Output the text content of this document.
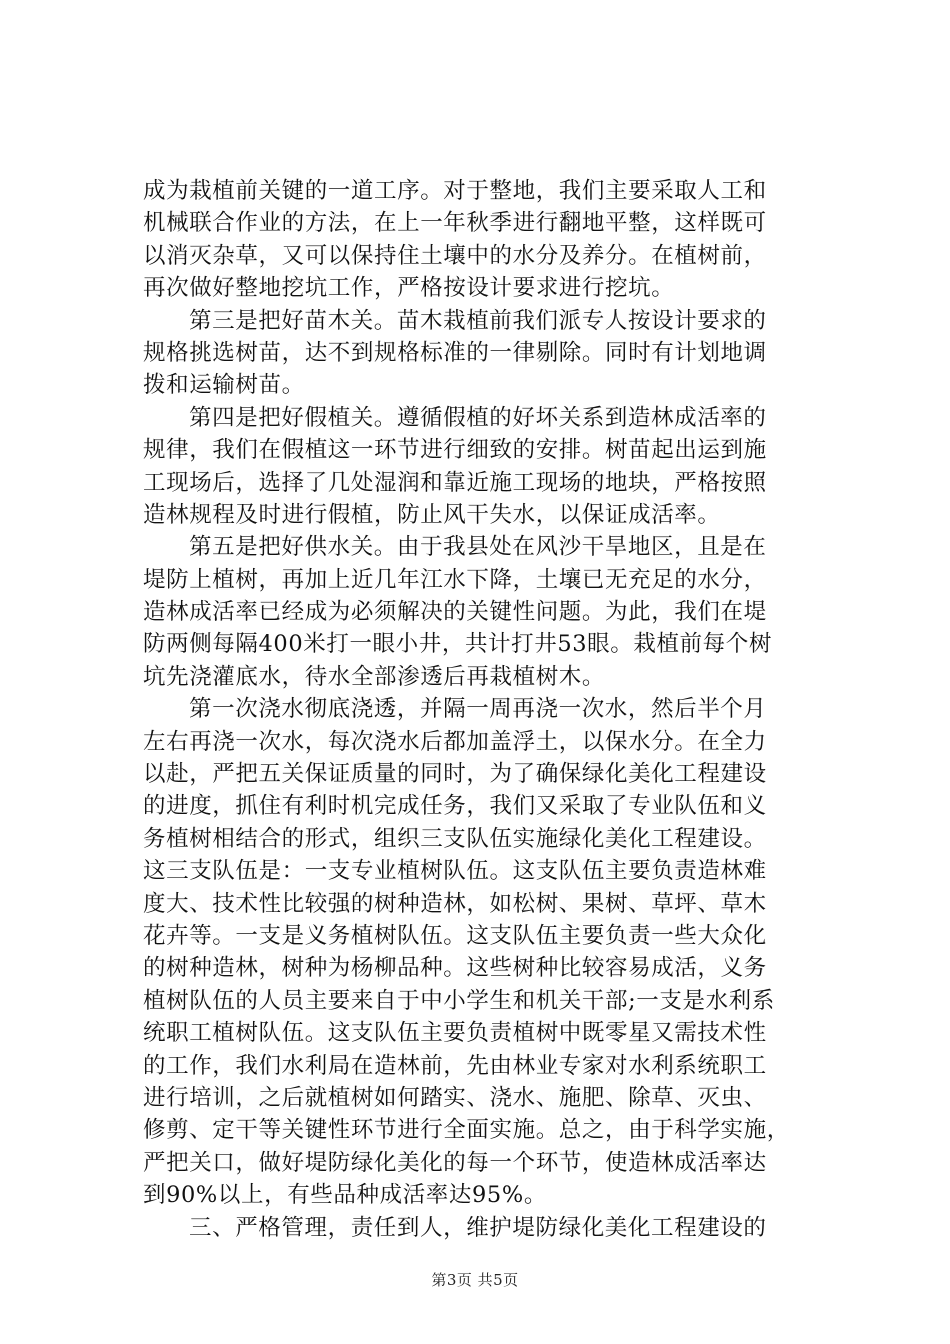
成为栽植前关键的一道工序。对于整地，我们主要采取人工和
机械联合作业的方法，在上一年秋季进行翻地平整，这样既可
以消灭杂草，又可以保持住土壤中的水分及养分。在植树前，
再次做好整地挖坑工作，严格按设计要求进行挖坑。
第三是把好苗木关。苗木栽植前我们派专人按设计要求的
规格挑选树苗，达不到规格标准的一律剔除。同时有计划地调
拨和运输树苗。
第四是把好假植关。遵循假植的好坏关系到造林成活率的
规律，我们在假植这一环节进行细致的安排。树苗起出运到施
工现场后，选择了几处湿润和靠近施工现场的地块，严格按照
造林规程及时进行假植，防止风干失水，以保证成活率。
第五是把好供水关。由于我县处在风沙干旱地区，且是在
堤防上植树，再加上近几年江水下降，土壤已无充足的水分，
造林成活率已经成为必须解决的关键性问题。为此，我们在堤
防两侧每隔400米打一眼小井，共计打井53眼。栽植前每个树
坑先浇灌底水，待水全部渗透后再栽植树木。
第一次浇水彻底浇透，并隔一周再浇一次水，然后半个月
左右再浇一次水，每次浇水后都加盖浮土，以保水分。在全力
以赴，严把五关保证质量的同时，为了确保绿化美化工程建设
的进度，抓住有利时机完成任务，我们又采取了专业队伍和义
务植树相结合的形式，组织三支队伍实施绿化美化工程建设。
这三支队伍是：一支专业植树队伍。这支队伍主要负责造林难
度大、技术性比较强的树种造林，如松树、果树、草坪、草木
花卉等。一支是义务植树队伍。这支队伍主要负责一些大众化
的树种造林，树种为杨柳品种。这些树种比较容易成活，义务
植树队伍的人员主要来自于中小学生和机关干部;一支是水利系
统职工植树队伍。这支队伍主要负责植树中既零星又需技术性
的工作，我们水利局在造林前，先由林业专家对水利系统职工
进行培训，之后就植树如何踏实、浇水、施肥、除草、灭虫、
修剪、定干等关键性环节进行全面实施。总之，由于科学实施，
严把关口，做好堤防绿化美化的每一个环节，使造林成活率达
到90%以上，有些品种成活率达95%。
三、严格管理，责任到人，维护堤防绿化美化工程建设的
第3页 共5页
